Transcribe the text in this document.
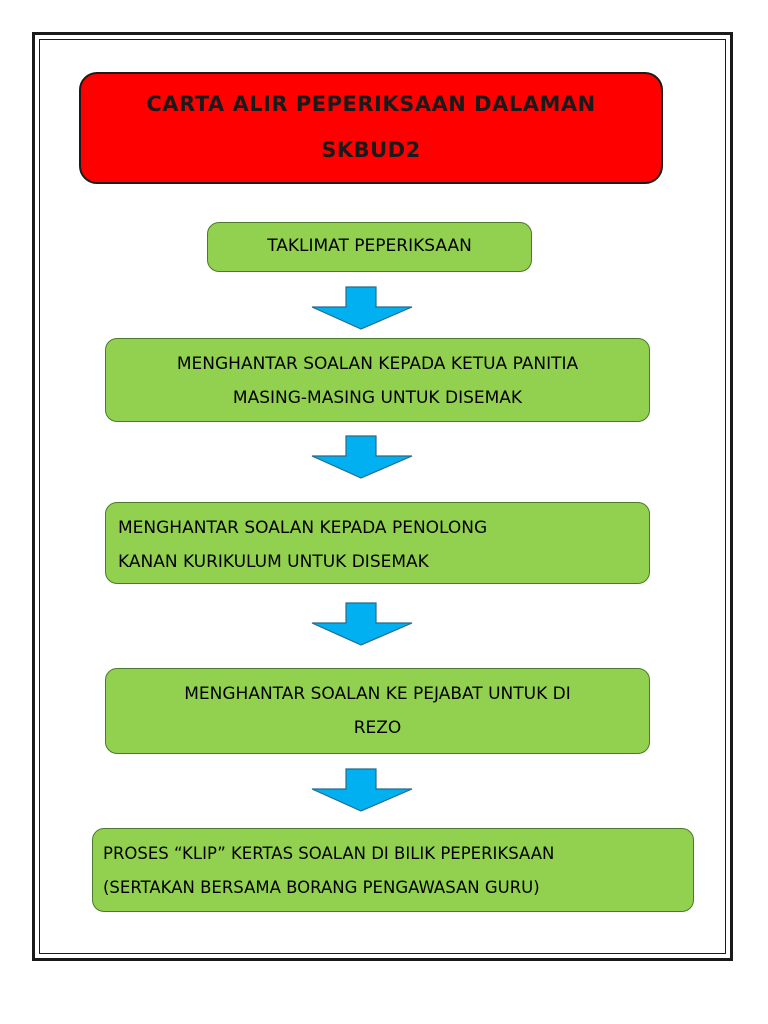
CARTA ALIR PEPERIKSAAN DALAMAN
SKBUD2
TAKLIMAT PEPERIKSAAN
MENGHANTAR SOALAN KEPADA KETUA PANITIA
MASING-MASING UNTUK DISEMAK
MENGHANTAR SOALAN KEPADA PENOLONG
KANAN KURIKULUM UNTUK DISEMAK
MENGHANTAR SOALAN KE PEJABAT UNTUK DI
REZO
PROSES “KLIP” KERTAS SOALAN DI BILIK PEPERIKSAAN
(SERTAKAN BERSAMA BORANG PENGAWASAN GURU)
